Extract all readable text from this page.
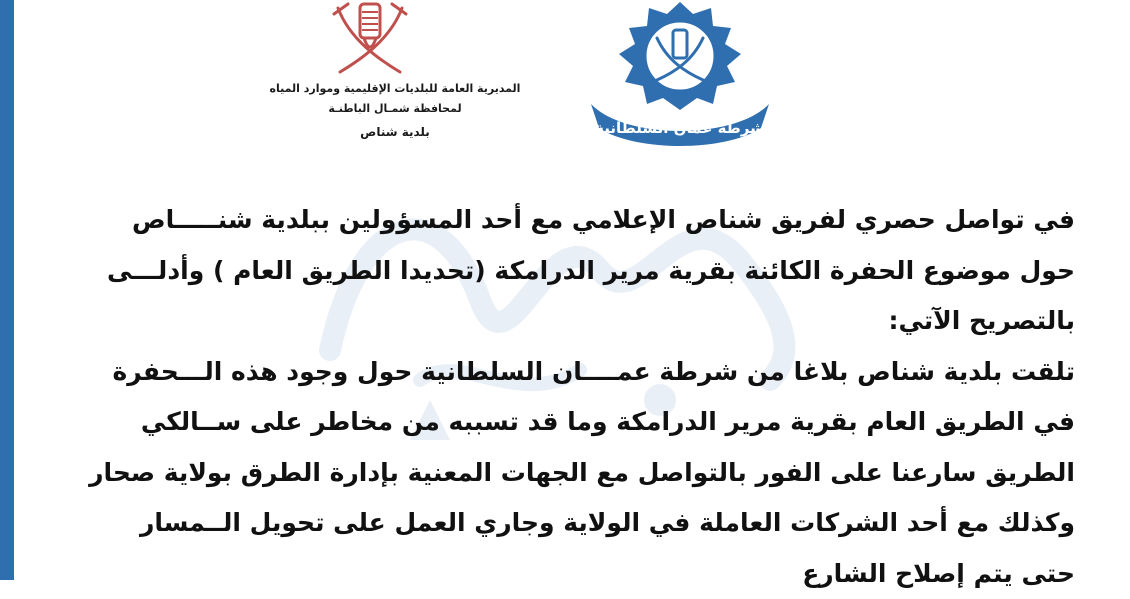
شرطة عمان السلطانية
المديرية العامة للبلديات الإقليمية وموارد المياه
لمحافظة شمـال الباطنـة
بلدية شناص
في تواصل حصري لفريق شناص الإعلامي مع أحد المسؤولين ببلدية شنـــــاص
حول موضوع الحفرة الكائنة بقرية مرير الدرامكة (تحديدا الطريق العام ) وأدلـــى
بالتصريح الآتي:
تلقت بلدية شناص بلاغا من شرطة عمــــان السلطانية حول وجود هذه الـــحفرة
في الطريق العام بقرية مرير الدرامكة وما قد تسببه من مخاطر على ســالكي
الطريق سارعنا على الفور بالتواصل مع الجهات المعنية بإدارة الطرق بولاية صحار
وكذلك مع أحد الشركات العاملة في الولاية وجاري العمل على تحويل الــمسار
حتى يتم إصلاح الشارع
